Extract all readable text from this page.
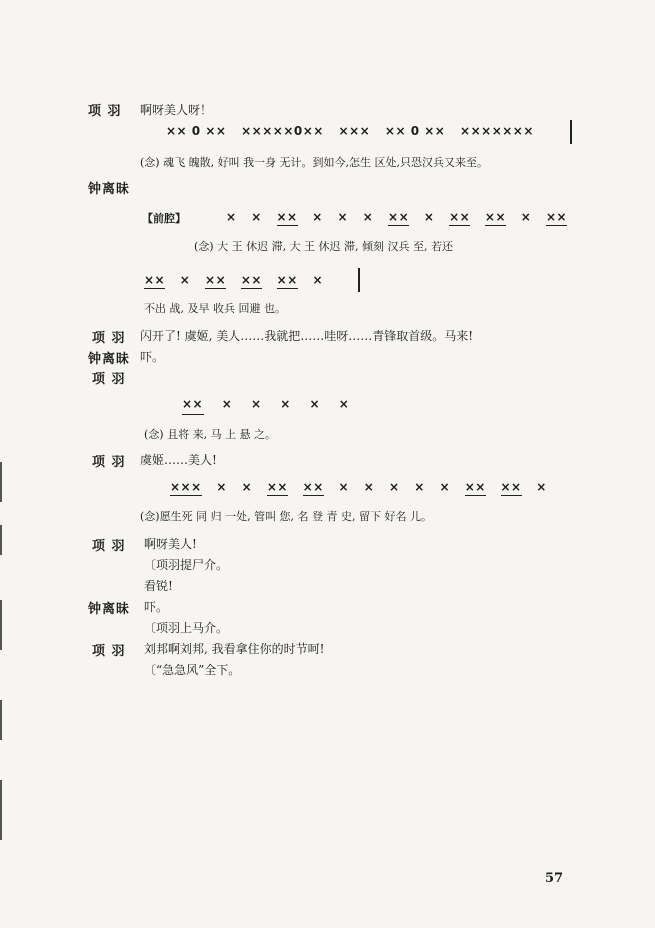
项 羽 啊呀美人呀！
×× 0 ×× ×××××0×× ××× ×× 0 ×× ×××××××
(念) 魂飞 魄散, 好叫 我一身 无计。到如今,怎生 区处,只恐汉兵又来至。
钟离昧
【前腔】	× × ×× × × × ×× × ×× ×× × ××
(念) 大 王 休迟 滞, 大 王 休迟 滞, 倾刻 汉兵 至, 若还
×× × ×× ×× ×× ×
不出 战, 及早 收兵 回避 也。
项 羽 闪开了! 虞姬, 美人……我就把……哇呀……青锋取首级。马来!
钟离昧 吓。
项 羽
×× × × × × ×
(念) 且将 来, 马 上 悬 之。
项 羽 虞姬……美人!
××× × × ×× ×× × × × × × ×× ×× ×
(念)愿生死 同 归 一处, 管叫 您, 名 登 青 史, 留下 好名 儿。
项 羽 啊呀美人!
〔项羽提尸介。
看锐!
钟离昧 吓。
〔项羽上马介。
项 羽 刘邦啊刘邦, 我看拿住你的时节呵!
〔“急急风”全下。
57
